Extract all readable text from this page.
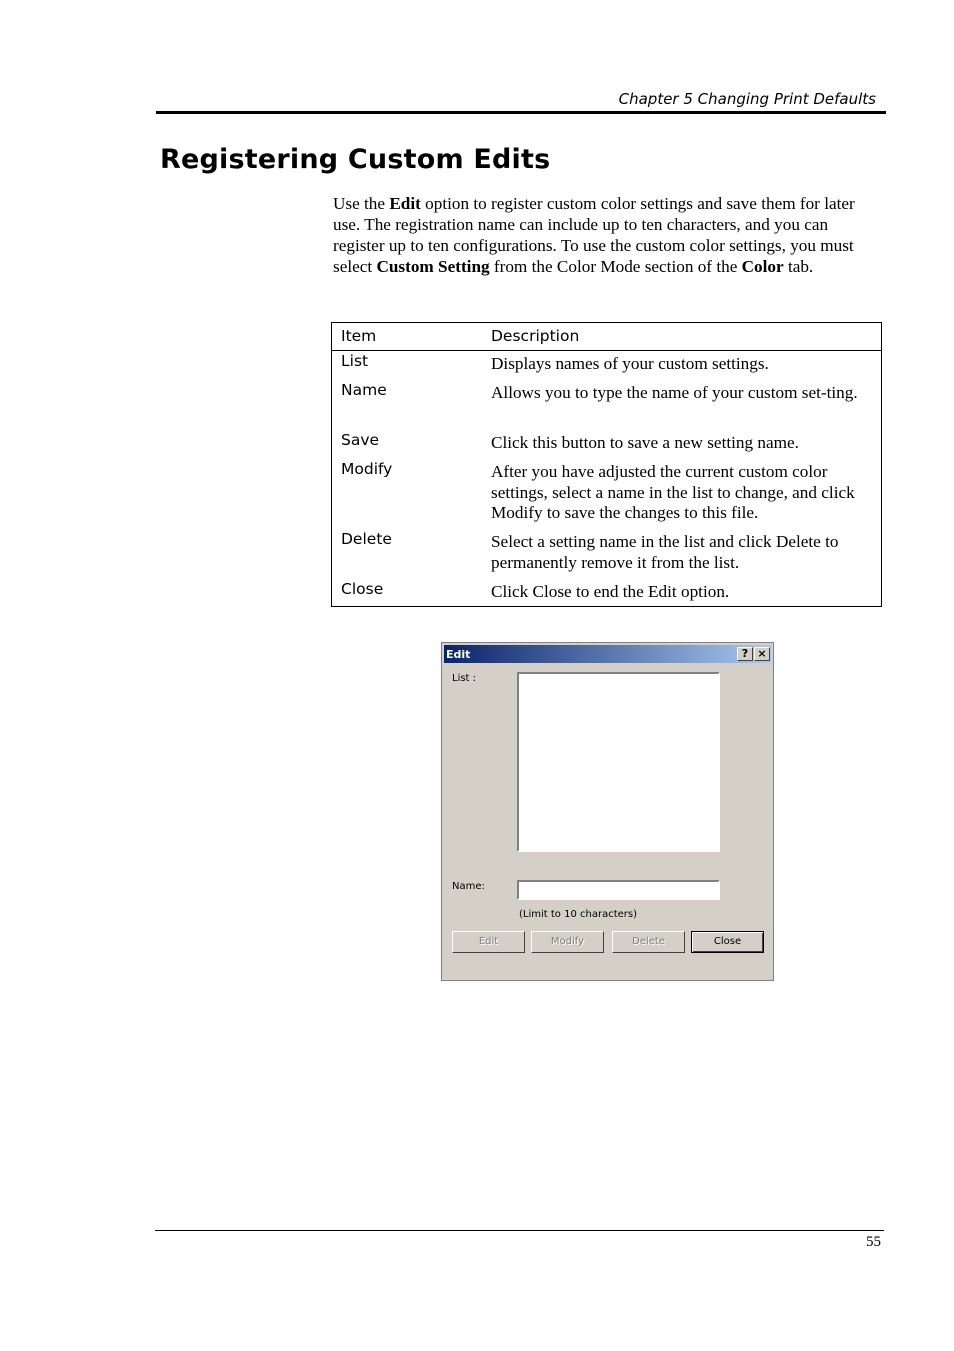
Chapter 5 Changing Print Defaults
Registering Custom Edits

Use the Edit option to register custom color settings and save them for later use. The registration name can include up to ten characters, and you can register up to ten configurations. To use the custom color settings, you must select Custom Setting from the Color Mode section of the Color tab.

Item	Description
List	Displays names of your custom settings.
Name	Allows you to type the name of your custom set-ting.
Save	Click this button to save a new setting name.
Modify	After you have adjusted the current custom color settings, select a name in the list to change, and click Modify to save the changes to this file.
Delete	Select a setting name in the list and click Delete to permanently remove it from the list.
Close	Click Close to end the Edit option.
Edit	? ×
List :
Name:
(Limit to 10 characters)
Edit	Modify	Delete	Close
55
